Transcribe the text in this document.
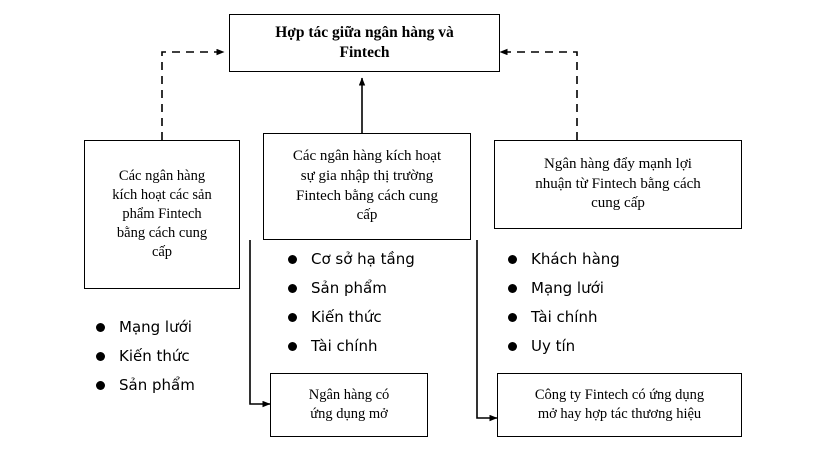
Hợp tác giữa ngân hàng và
Fintech
Các ngân hàng
kích hoạt các sản
phẩm Fintech
bằng cách cung
cấp
Các ngân hàng kích hoạt
sự gia nhập thị trường
Fintech bằng cách cung
cấp
Ngân hàng đẩy mạnh lợi
nhuận từ Fintech bằng cách
cung cấp
Ngân hàng có
ứng dụng mở
Công ty Fintech có ứng dụng
mở hay hợp tác thương hiệu
Mạng lưới
Kiến thức
Sản phẩm
Cơ sở hạ tầng
Sản phẩm
Kiến thức
Tài chính
Khách hàng
Mạng lưới
Tài chính
Uy tín
